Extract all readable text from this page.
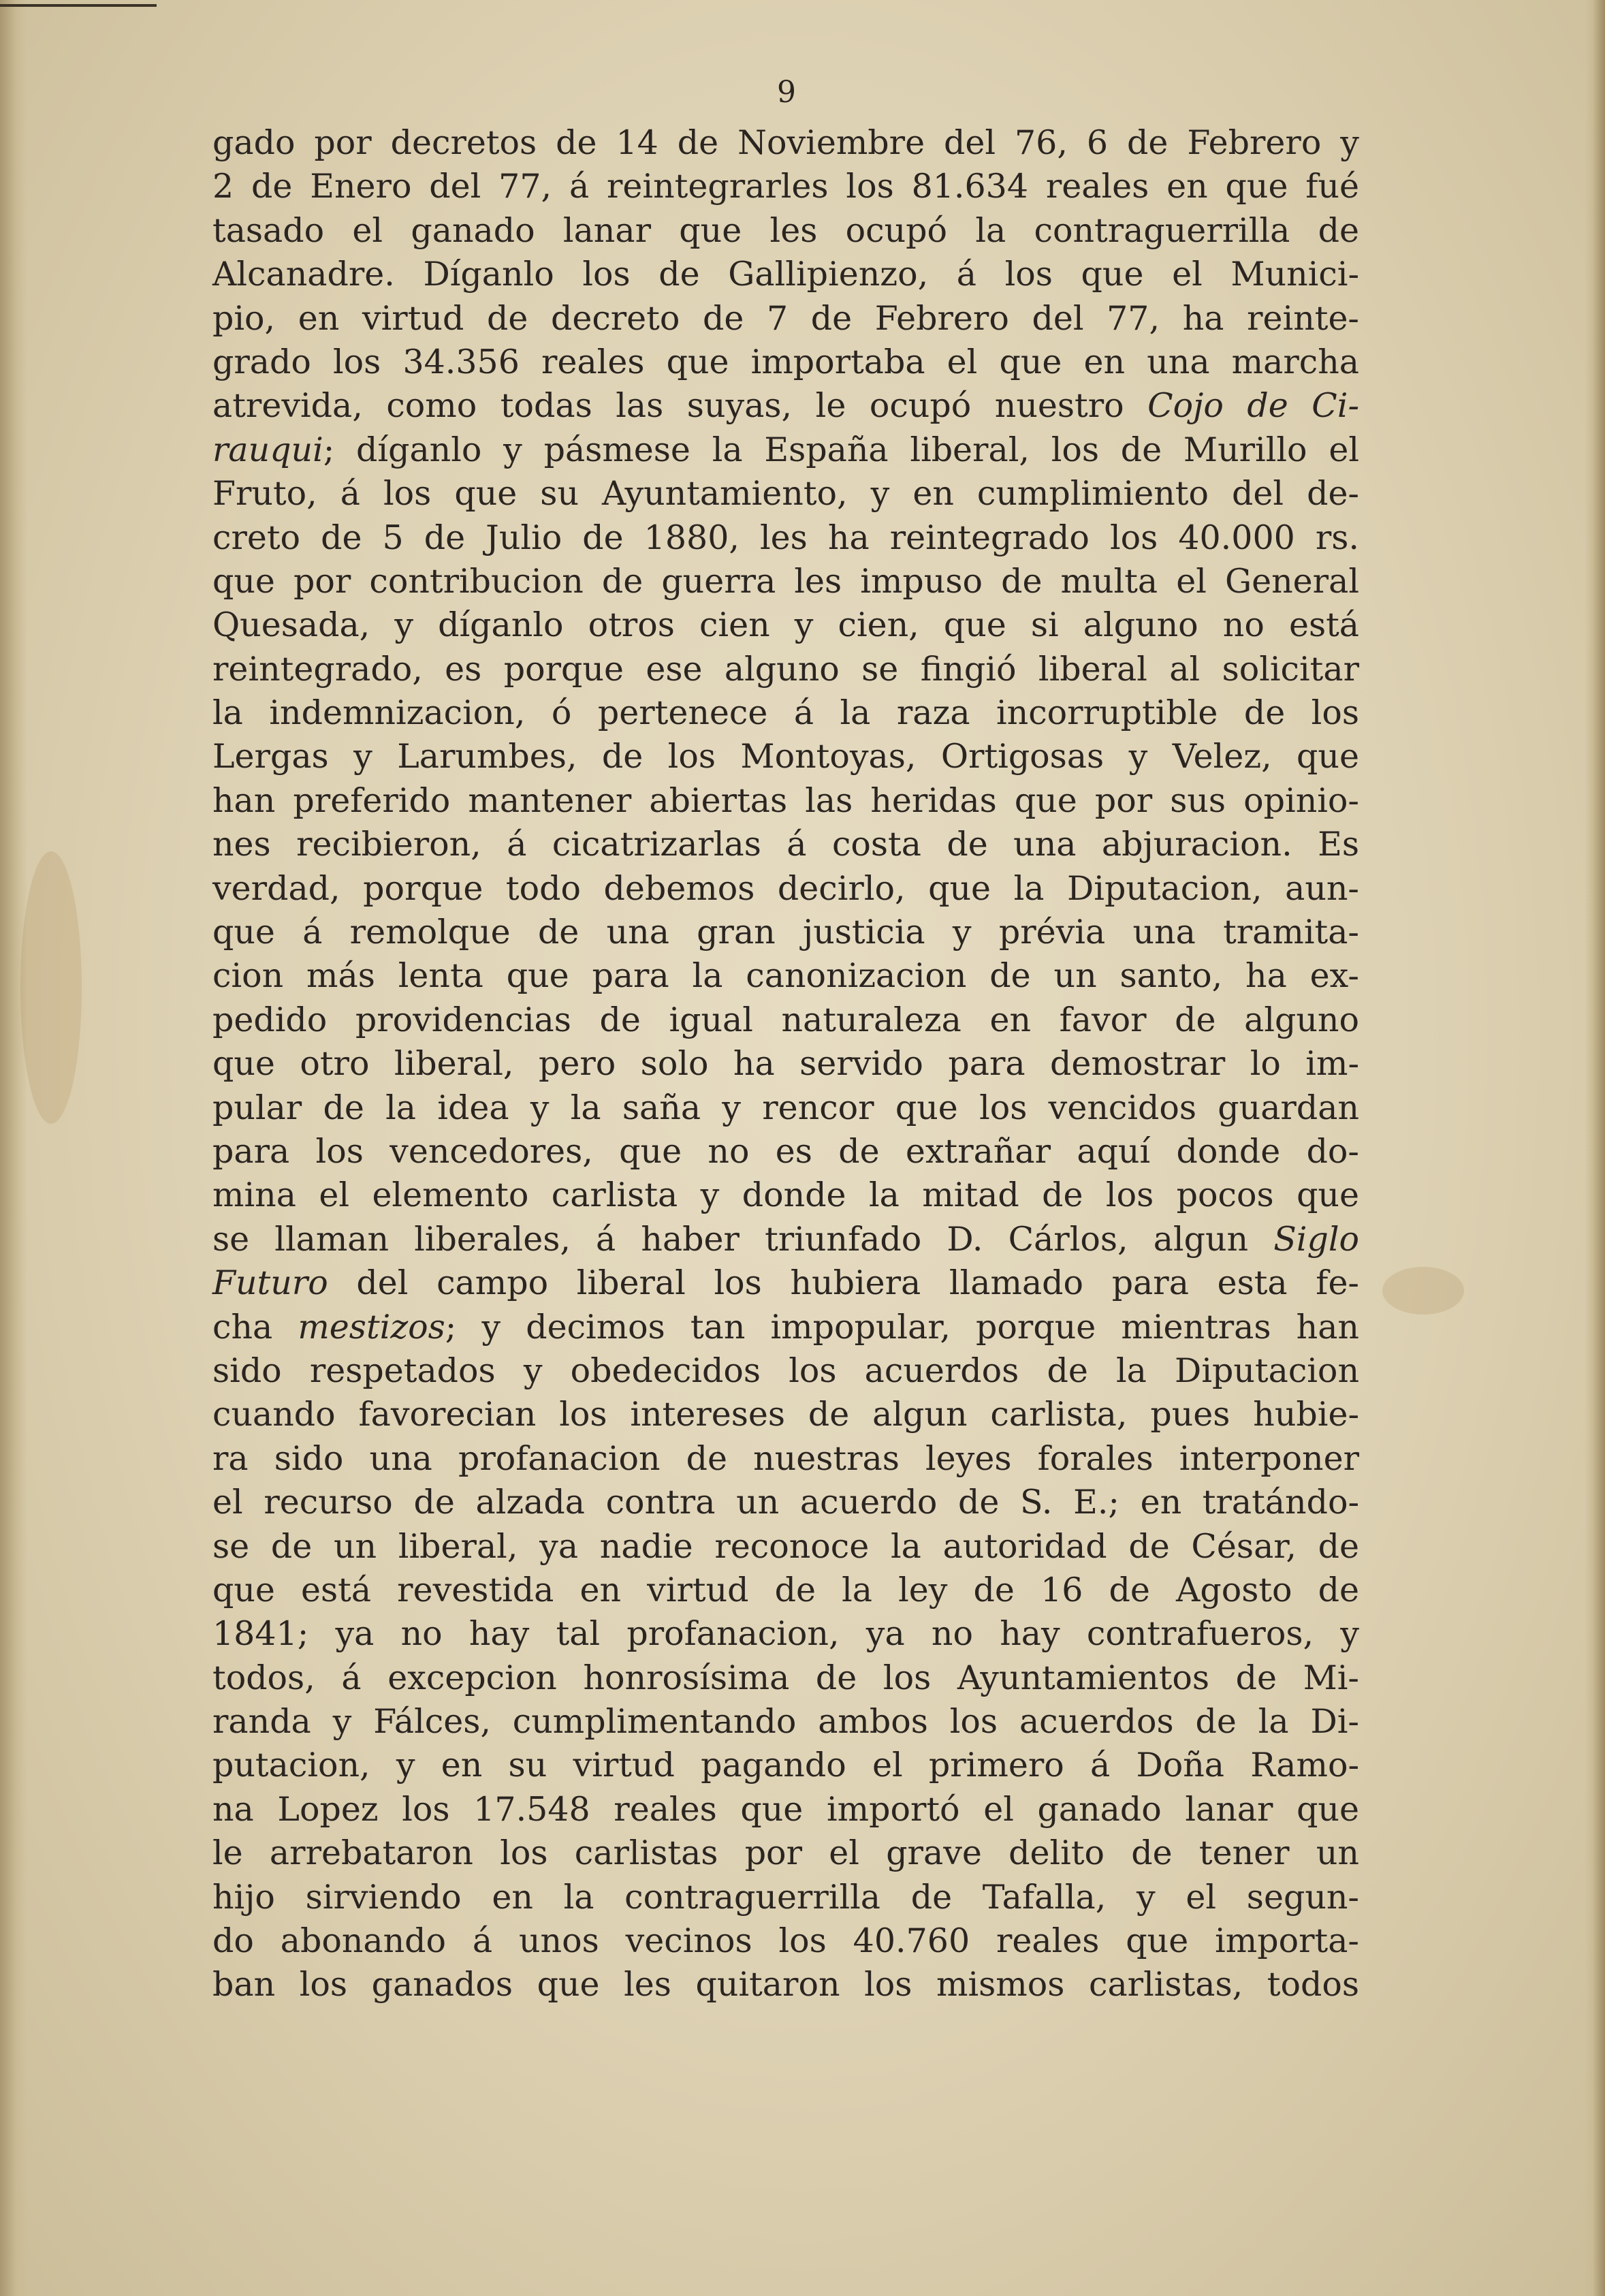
9
gado por decretos de 14 de Noviembre del 76, 6 de Febrero y
2 de Enero del 77, á reintegrarles los 81.634 reales en que fué
tasado el ganado lanar que les ocupó la contraguerrilla de
Alcanadre. Díganlo los de Gallipienzo, á los que el Munici-
pio, en virtud de decreto de 7 de Febrero del 77, ha reinte-
grado los 34.356 reales que importaba el que en una marcha
atrevida, como todas las suyas, le ocupó nuestro Cojo de Ci-
rauqui; díganlo y pásmese la España liberal, los de Murillo el
Fruto, á los que su Ayuntamiento, y en cumplimiento del de-
creto de 5 de Julio de 1880, les ha reintegrado los 40.000 rs.
que por contribucion de guerra les impuso de multa el General
Quesada, y díganlo otros cien y cien, que si alguno no está
reintegrado, es porque ese alguno se fingió liberal al solicitar
la indemnizacion, ó pertenece á la raza incorruptible de los
Lergas y Larumbes, de los Montoyas, Ortigosas y Velez, que
han preferido mantener abiertas las heridas que por sus opinio-
nes recibieron, á cicatrizarlas á costa de una abjuracion. Es
verdad, porque todo debemos decirlo, que la Diputacion, aun-
que á remolque de una gran justicia y prévia una tramita-
cion más lenta que para la canonizacion de un santo, ha ex-
pedido providencias de igual naturaleza en favor de alguno
que otro liberal, pero solo ha servido para demostrar lo im-
pular de la idea y la saña y rencor que los vencidos guardan
para los vencedores, que no es de extrañar aquí donde do-
mina el elemento carlista y donde la mitad de los pocos que
se llaman liberales, á haber triunfado D. Cárlos, algun Siglo
Futuro del campo liberal los hubiera llamado para esta fe-
cha mestizos; y decimos tan impopular, porque mientras han
sido respetados y obedecidos los acuerdos de la Diputacion
cuando favorecian los intereses de algun carlista, pues hubie-
ra sido una profanacion de nuestras leyes forales interponer
el recurso de alzada contra un acuerdo de S. E.; en tratándo-
se de un liberal, ya nadie reconoce la autoridad de César, de
que está revestida en virtud de la ley de 16 de Agosto de
1841; ya no hay tal profanacion, ya no hay contrafueros, y
todos, á excepcion honrosísima de los Ayuntamientos de Mi-
randa y Fálces, cumplimentando ambos los acuerdos de la Di-
putacion, y en su virtud pagando el primero á Doña Ramo-
na Lopez los 17.548 reales que importó el ganado lanar que
le arrebataron los carlistas por el grave delito de tener un
hijo sirviendo en la contraguerrilla de Tafalla, y el segun-
do abonando á unos vecinos los 40.760 reales que importa-
ban los ganados que les quitaron los mismos carlistas, todos
